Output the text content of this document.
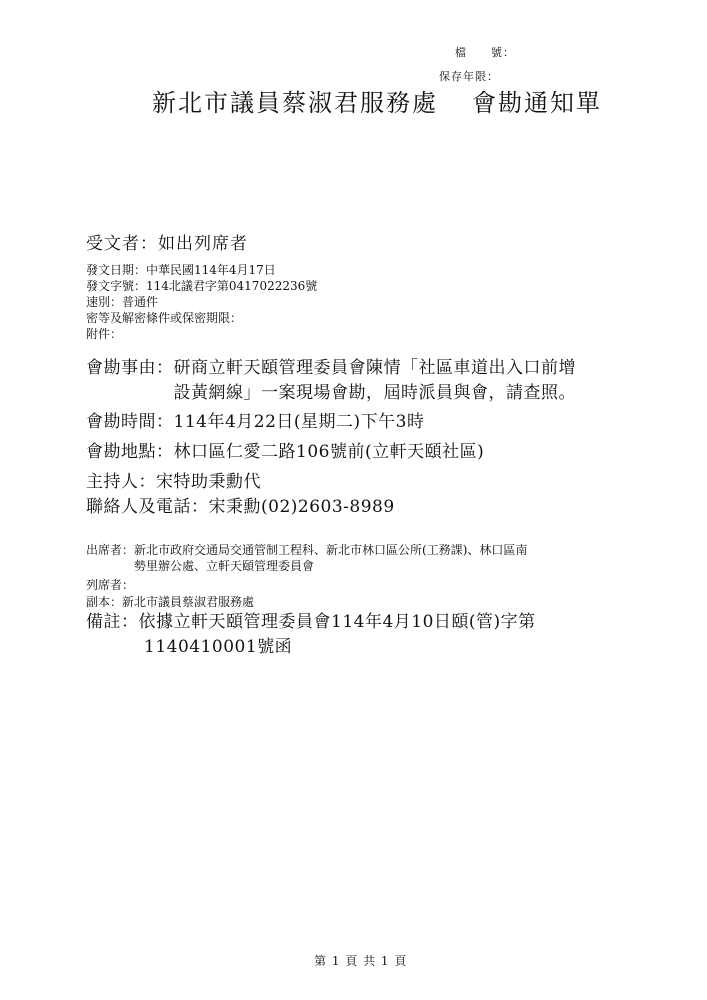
檔　　號：
保存年限：
新北市議員蔡淑君服務處 會勘通知單
受文者：如出列席者
發文日期：中華民國114年4月17日
發文字號：114北議君字第0417022236號
速別：普通件
密等及解密條件或保密期限：
附件：
會勘事由： 研商立軒天頤管理委員會陳情「社區車道出入口前增
設黃網線」一案現場會勘，屆時派員與會，請查照。
會勘時間：114年4月22日(星期二)下午3時
會勘地點：林口區仁愛二路106號前(立軒天頤社區)
主持人：宋特助秉勳代
聯絡人及電話：宋秉勳(02)2603-8989
出席者： 新北市政府交通局交通管制工程科、新北市林口區公所(工務課)、林口區南
勢里辦公處、立軒天頤管理委員會
列席者：
副本：新北市議員蔡淑君服務處
備註： 依據立軒天頤管理委員會114年4月10日頤(管)字第
1140410001號函
第 1 頁 共 1 頁
